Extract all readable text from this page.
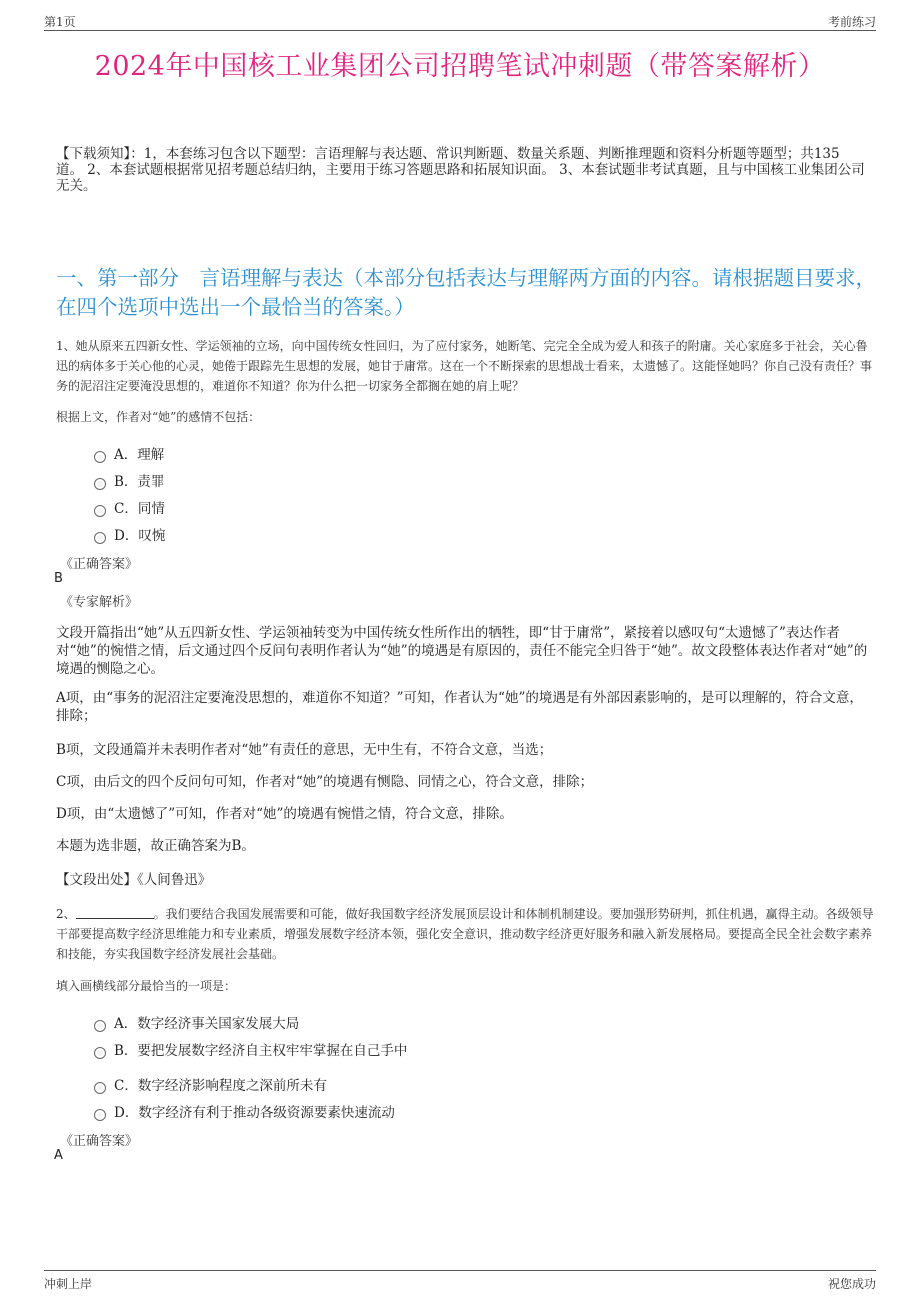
第1页	考前练习
2024年中国核工业集团公司招聘笔试冲刺题（带答案解析）
【下载须知】：1，本套练习包含以下题型：言语理解与表达题、常识判断题、数量关系题、判断推理题和资料分析题等题型；共135道。 2、本套试题根据常见招考题总结归纳，主要用于练习答题思路和拓展知识面。 3、本套试题非考试真题，且与中国核工业集团公司无关。
一、第一部分　言语理解与表达（本部分包括表达与理解两方面的内容。请根据题目要求，在四个选项中选出一个最恰当的答案。）
1、她从原来五四新女性、学运领袖的立场，向中国传统女性回归，为了应付家务，她断笔、完完全全成为爱人和孩子的附庸。关心家庭多于社会，关心鲁迅的病体多于关心他的心灵，她倦于跟踪先生思想的发展，她甘于庸常。这在一个不断探索的思想战士看来，太遗憾了。这能怪她吗？你自己没有责任？事务的泥沼注定要淹没思想的，难道你不知道？你为什么把一切家务全都搁在她的肩上呢？
根据上文，作者对“她”的感情不包括：
A．理解
B．责罪
C．同情
D．叹惋
《正确答案》
B
《专家解析》
文段开篇指出“她”从五四新女性、学运领袖转变为中国传统女性所作出的牺牲，即“甘于庸常”，紧接着以感叹句“太遗憾了”表达作者对“她”的惋惜之情，后文通过四个反问句表明作者认为“她”的境遇是有原因的，责任不能完全归咎于“她”。故文段整体表达作者对“她”的境遇的恻隐之心。
A项，由“事务的泥沼注定要淹没思想的，难道你不知道？”可知，作者认为“她”的境遇是有外部因素影响的，是可以理解的，符合文意，排除；
B项，文段通篇并未表明作者对“她”有责任的意思，无中生有，不符合文意，当选；
C项，由后文的四个反问句可知，作者对“她”的境遇有恻隐、同情之心，符合文意，排除；
D项，由“太遗憾了”可知，作者对“她”的境遇有惋惜之情，符合文意，排除。
本题为选非题，故正确答案为B。
【文段出处】《人间鲁迅》
2、	。我们要结合我国发展需要和可能，做好我国数字经济发展顶层设计和体制机制建设。要加强形势研判，抓住机遇，赢得主动。各级领导干部要提高数字经济思维能力和专业素质，增强发展数字经济本领，强化安全意识，推动数字经济更好服务和融入新发展格局。要提高全民全社会数字素养和技能，夯实我国数字经济发展社会基础。
填入画横线部分最恰当的一项是：
A．数字经济事关国家发展大局
B．要把发展数字经济自主权牢牢掌握在自己手中
C．数字经济影响程度之深前所未有
D．数字经济有利于推动各级资源要素快速流动
《正确答案》
A
冲刺上岸	祝您成功
